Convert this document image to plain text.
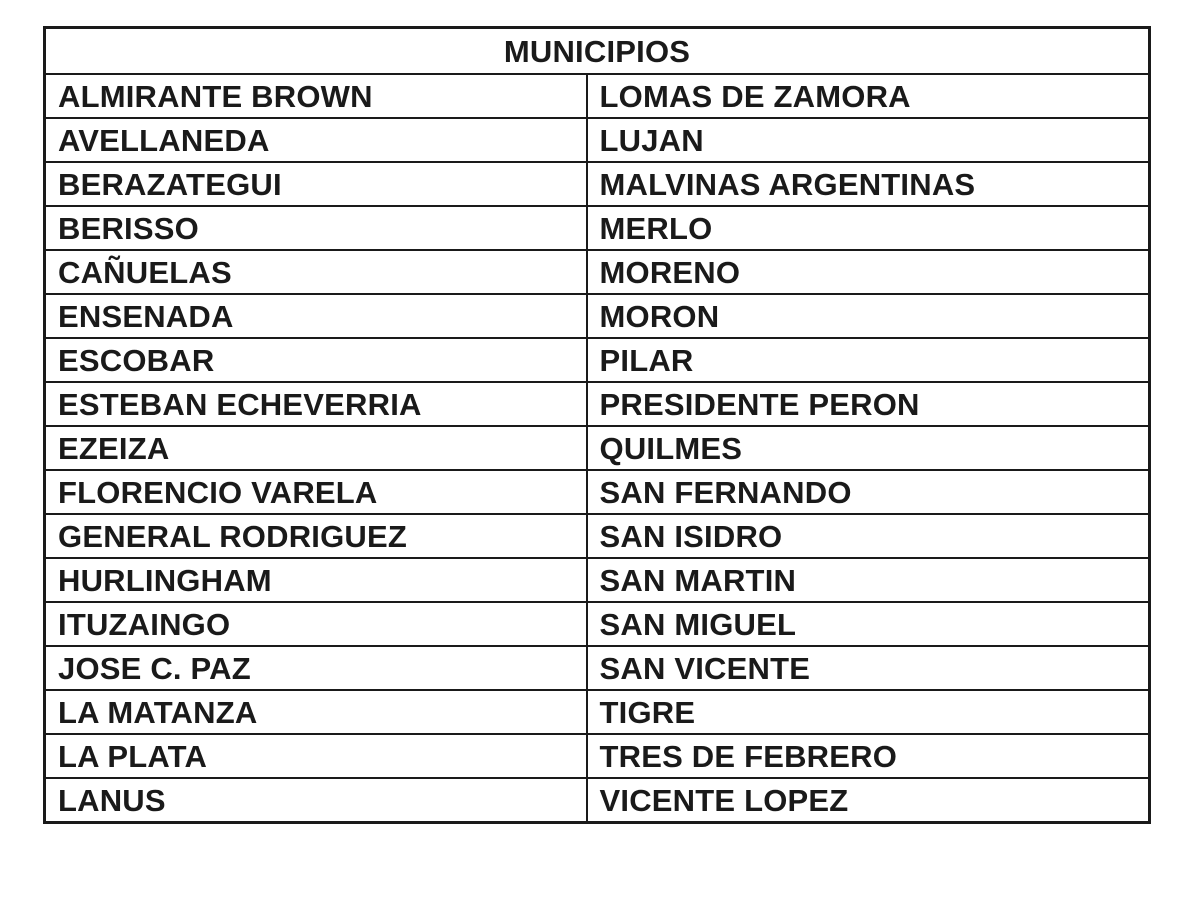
MUNICIPIOS	
ALMIRANTE BROWN	LOMAS DE ZAMORA
AVELLANEDA	LUJAN
BERAZATEGUI	MALVINAS ARGENTINAS
BERISSO	MERLO
CAÑUELAS	MORENO
ENSENADA	MORON
ESCOBAR	PILAR
ESTEBAN ECHEVERRIA	PRESIDENTE PERON
EZEIZA	QUILMES
FLORENCIO VARELA	SAN FERNANDO
GENERAL RODRIGUEZ	SAN ISIDRO
HURLINGHAM	SAN MARTIN
ITUZAINGO	SAN MIGUEL
JOSE C. PAZ	SAN VICENTE
LA MATANZA	TIGRE
LA PLATA	TRES DE FEBRERO
LANUS	VICENTE LOPEZ
